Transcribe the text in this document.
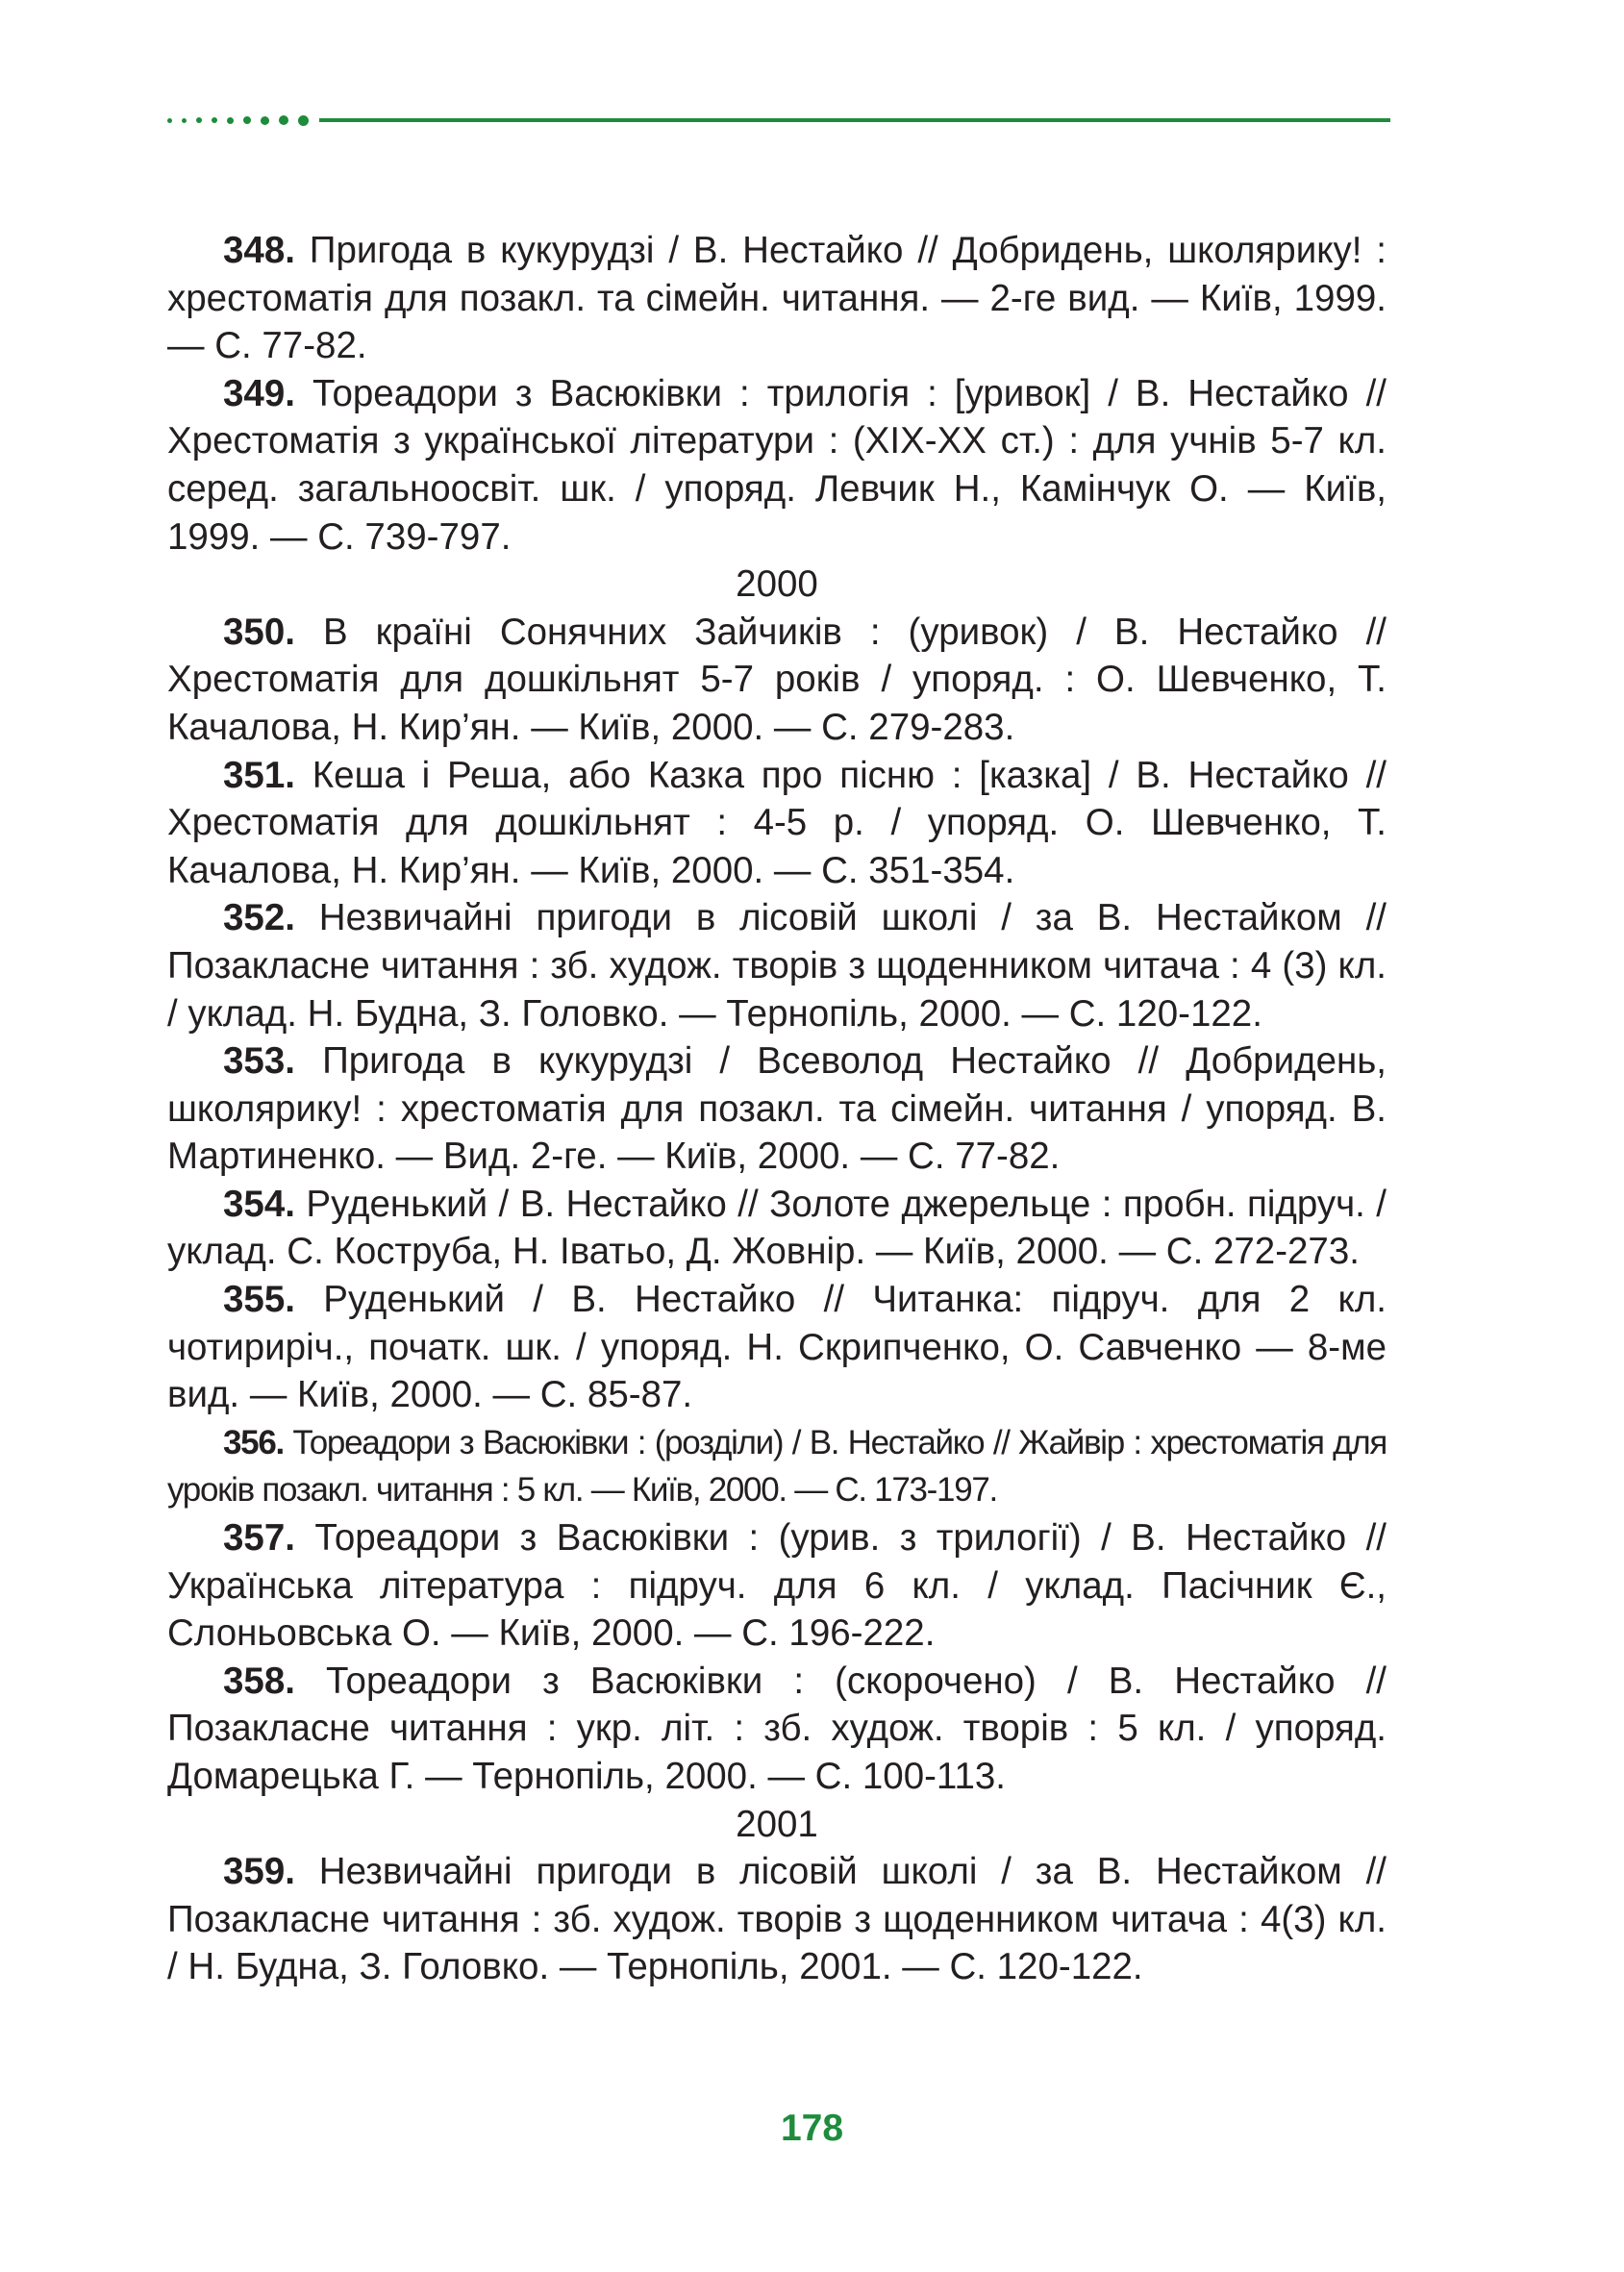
348. Пригода в кукурудзі / В. Нестайко // Добридень, школярику! : хрестоматія для позакл. та сімейн. читання. — 2-ге вид. — Київ, 1999. — С. 77-82.

349. Тореадори з Васюківки : трилогія : [уривок] / В. Нестайко // Хрестоматія з української літератури : (XIX-XX ст.) : для учнів 5-7 кл. серед. загальноосвіт. шк. / упоряд. Левчик Н., Камінчук О. — Київ, 1999. — С. 739-797.

2000

350. В країні Сонячних Зайчиків : (уривок) / В. Нестайко // Хрестоматія для дошкільнят 5-7 років / упоряд. : О. Шевченко, Т. Качалова, Н. Кир’ян. — Київ, 2000. — С. 279-283.

351. Кеша і Реша, або Казка про пісню : [казка] / В. Нестайко // Хрестоматія для дошкільнят : 4-5 р. / упоряд. О. Шевченко, Т. Качалова, Н. Кир’ян. — Київ, 2000. — С. 351-354.

352. Незвичайні пригоди в лісовій школі / за В. Нестайком // Позакласне читання : зб. худож. творів з щоденником читача : 4 (3) кл. / уклад. Н. Будна, З. Головко. — Тернопіль, 2000. — С. 120-122.

353. Пригода в кукурудзі / Всеволод Нестайко // Добридень, школярику! : хрестоматія для позакл. та сімейн. читання / упоряд. В. Мартиненко. — Вид. 2-ге. — Київ, 2000. — С. 77-82.

354. Руденький / В. Нестайко // Золоте джерельце : пробн. підруч. / уклад. С. Коструба, Н. Іватьо, Д. Жовнір. — Київ, 2000. — С. 272-273.

355. Руденький / В. Нестайко // Читанка: підруч. для 2 кл. чотириріч., початк. шк. / упоряд. Н. Скрипченко, О. Савченко — 8-ме вид. — Київ, 2000. — С. 85-87.

356. Тореадори з Васюківки : (розділи) / В. Нестайко // Жайвір : хрестоматія для уроків позакл. читання : 5 кл. — Київ, 2000. — С. 173-197.

357. Тореадори з Васюківки : (урив. з трилогії) / В. Нестайко // Українська література : підруч. для 6 кл. / уклад. Пасічник Є., Слоньовська О. — Київ, 2000. — С. 196-222.

358. Тореадори з Васюківки : (скорочено) / В. Нестайко // Позакласне читання : укр. літ. : зб. худож. творів : 5 кл. / упоряд. Домарецька Г. — Тернопіль, 2000. — С. 100-113.

2001

359. Незвичайні пригоди в лісовій школі / за В. Нестайком // Позакласне читання : зб. худож. творів з щоденником читача : 4(3) кл. / Н. Будна, З. Головко. — Тернопіль, 2001. — С. 120-122.

178
